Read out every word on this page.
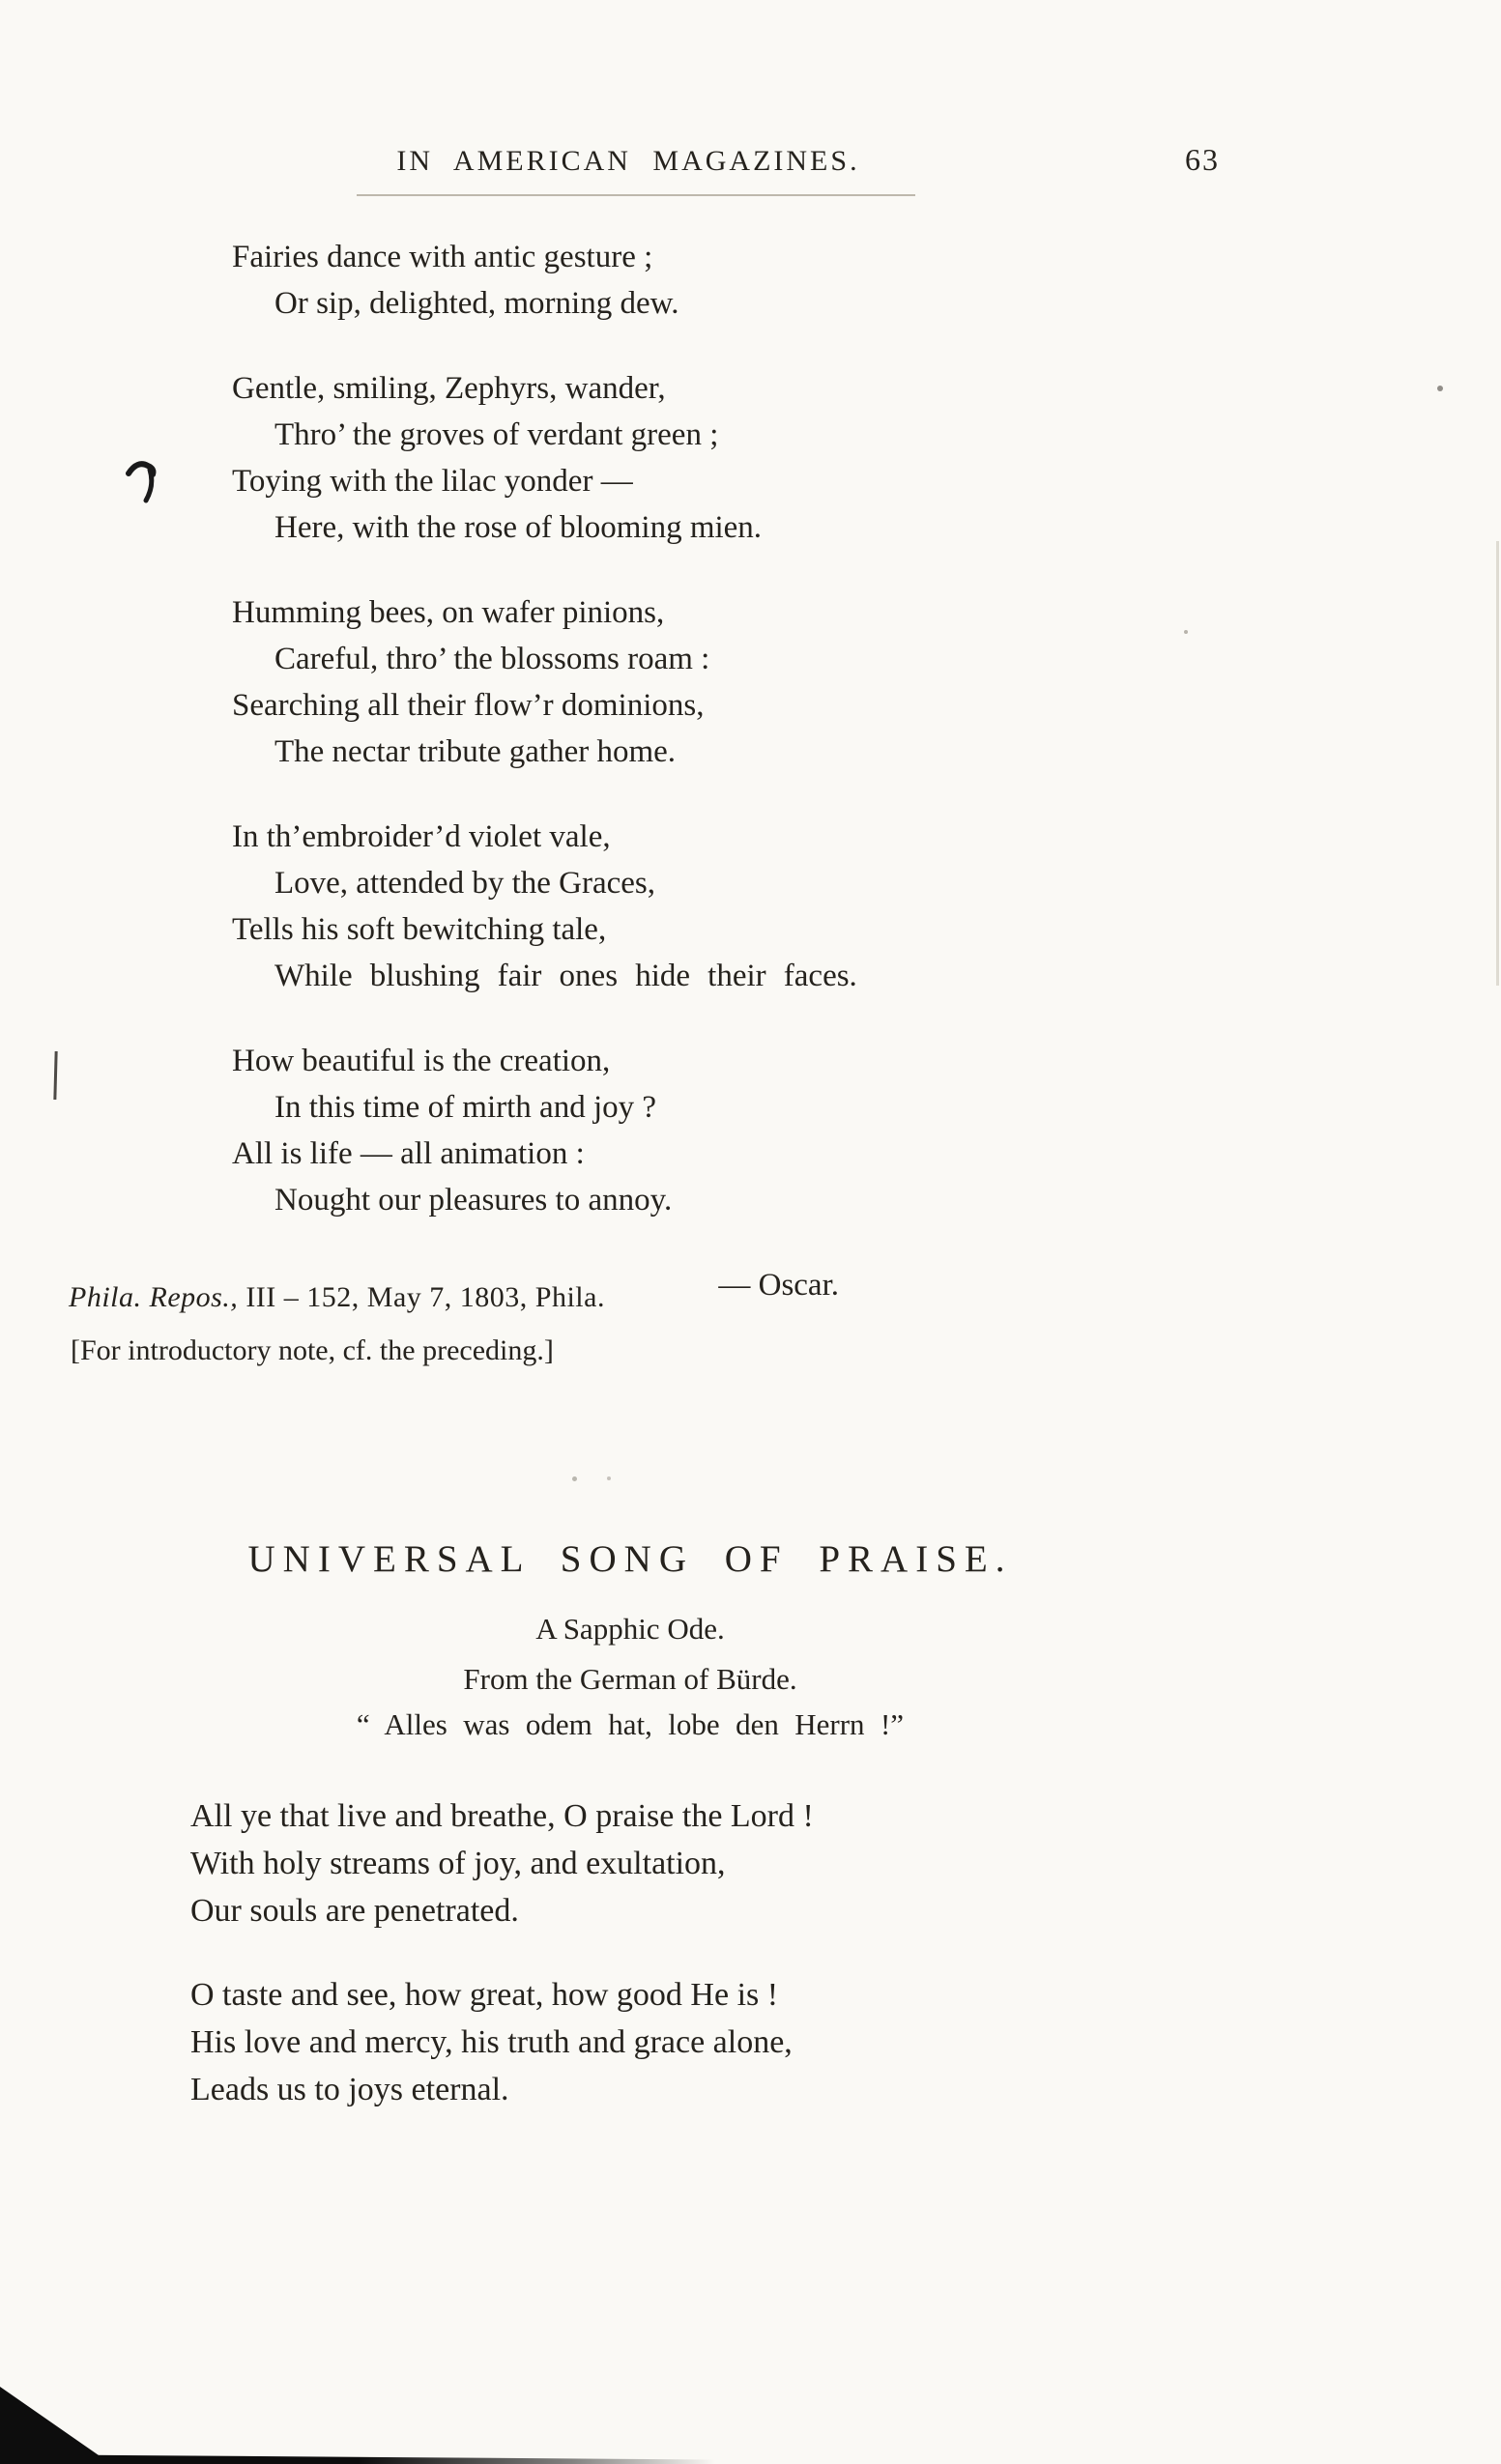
IN AMERICAN MAGAZINES.	63
Fairies dance with antic gesture ;
Or sip, delighted, morning dew.
Gentle, smiling, Zephyrs, wander,
Thro’ the groves of verdant green ;
Toying with the lilac yonder —
Here, with the rose of blooming mien.
Humming bees, on wafer pinions,
Careful, thro’ the blossoms roam :
Searching all their flow’r dominions,
The nectar tribute gather home.
In th’embroider’d violet vale,
Love, attended by the Graces,
Tells his soft bewitching tale,
While blushing fair ones hide their faces.
How beautiful is the creation,
In this time of mirth and joy ?
All is life — all animation :
Nought our pleasures to annoy.
— Oscar.
Phila. Repos., III – 152, May 7, 1803, Phila.
[For introductory note, cf. the preceding.]
UNIVERSAL SONG OF PRAISE.
A Sapphic Ode.
From the German of Bürde.
“ Alles was odem hat, lobe den Herrn !”
All ye that live and breathe, O praise the Lord !
With holy streams of joy, and exultation,
Our souls are penetrated.
O taste and see, how great, how good He is !
His love and mercy, his truth and grace alone,
Leads us to joys eternal.
